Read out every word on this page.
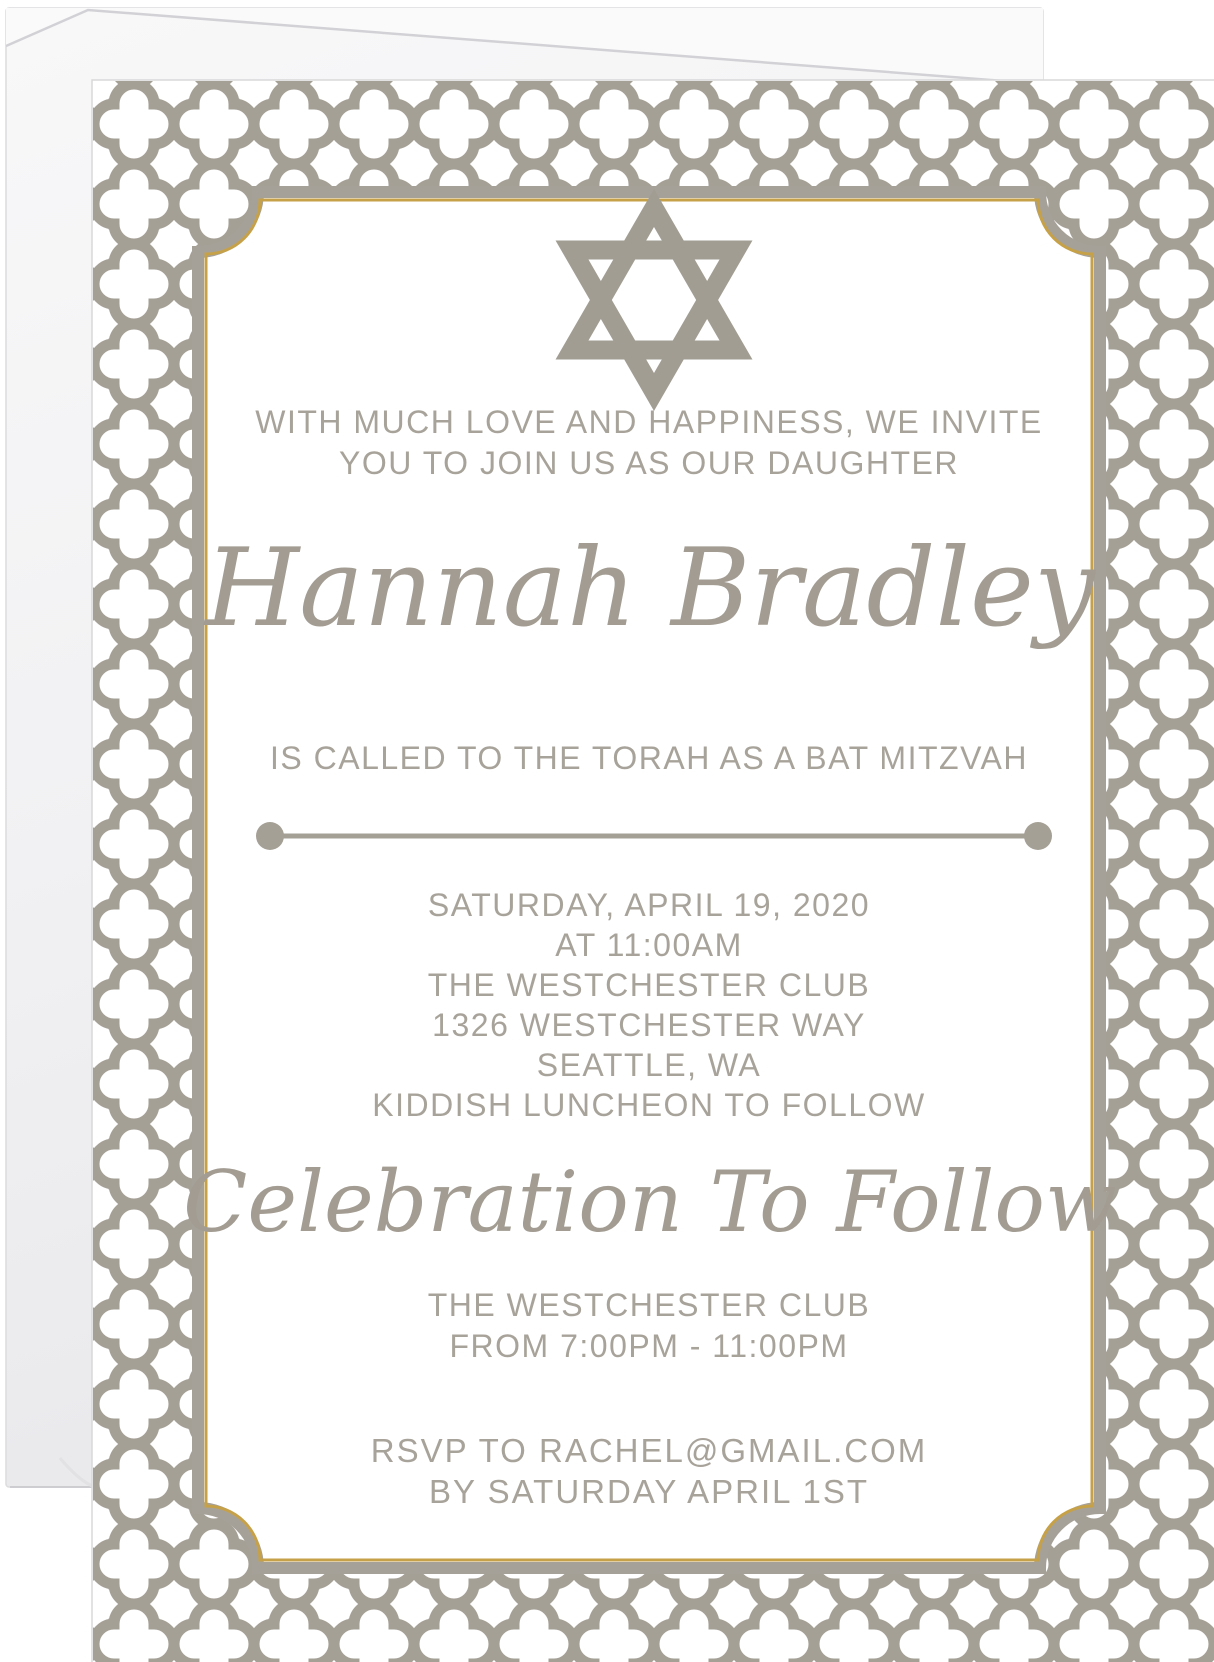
WITH MUCH LOVE AND HAPPINESS, WE INVITE
YOU TO JOIN US AS OUR DAUGHTER
Hannah Bradley
IS CALLED TO THE TORAH AS A BAT MITZVAH
SATURDAY, APRIL 19, 2020
AT 11:00AM
THE WESTCHESTER CLUB
1326 WESTCHESTER WAY
SEATTLE, WA
KIDDISH LUNCHEON TO FOLLOW
Celebration To Follow
THE WESTCHESTER CLUB
FROM 7:00PM - 11:00PM
RSVP TO RACHEL@GMAIL.COM
BY SATURDAY APRIL 1ST
